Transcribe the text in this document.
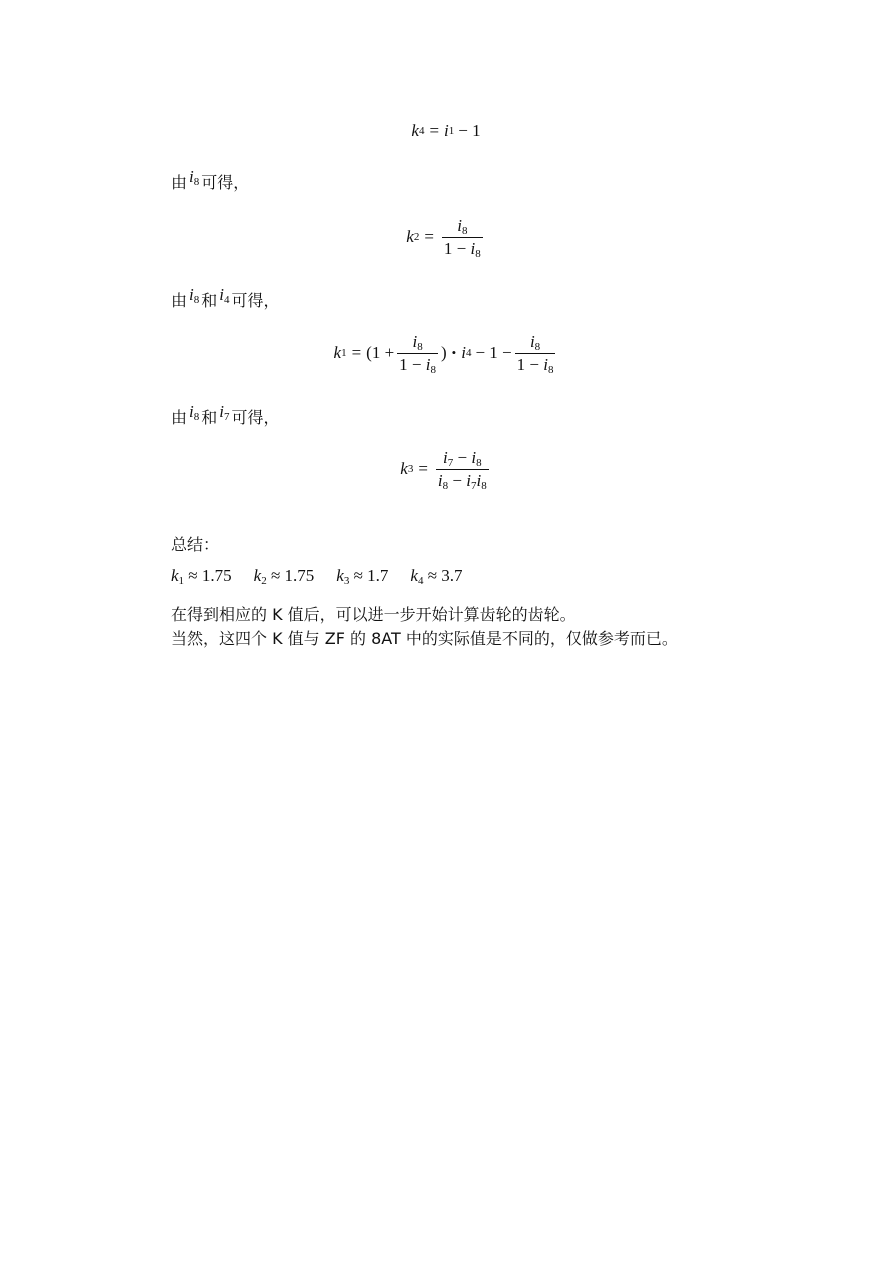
k 4 = i 1 − 1
由 $i_8$ 可得，
k $2 = \frac{i_8}{1 - i_8}$
由 $i_8$ 和 $i_4$ 可得，
k $1 = (1 + \frac{i_8}{1 - i_8}$ ) • i $4 - 1 - \frac{i_8}{1 - i_8}$
由 $i_8$ 和 $i_7$ 可得，
k $3 = \frac{i_7 - i_8}{i_8 - i_7i_8}$
总结：
$k_1 \approx 1.75$ $k_2 \approx 1.75$ $k_3 \approx 1.7$ $k_4 \approx 3.7$
在得到相应的 K 值后，可以进一步开始计算齿轮的齿轮。
当然，这四个 K 值与 ZF 的 8AT 中的实际值是不同的，仅做参考而已。
